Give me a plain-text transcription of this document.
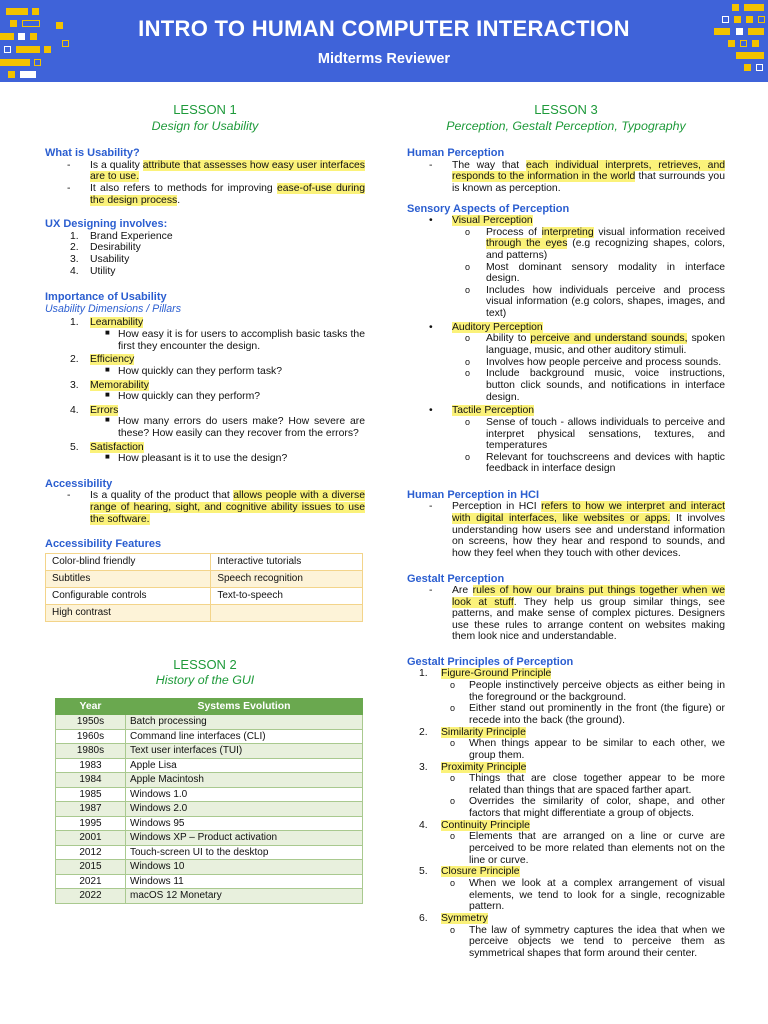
INTRO TO HUMAN COMPUTER INTERACTION
Midterms Reviewer
LESSON 1
Design for Usability
What is Usability?
- Is a quality attribute that assesses how easy user interfaces are to use.
- It also refers to methods for improving ease-of-use during the design process.
UX Designing involves:
1. Brand Experience
2. Desirability
3. Usability
4. Utility
Importance of Usability
Usability Dimensions / Pillars
1. Learnability
■ How easy it is for users to accomplish basic tasks the first they encounter the design.
2. Efficiency
■ How quickly can they perform task?
3. Memorability
■ How quickly can they perform?
4. Errors
■ How many errors do users make? How severe are these? How easily can they recover from the errors?
5. Satisfaction
■ How pleasant is it to use the design?
Accessibility
- Is a quality of the product that allows people with a diverse range of hearing, sight, and cognitive ability issues to use the software.
Accessibility Features
Color-blind friendly	Interactive tutorials
Subtitles	Speech recognition
Configurable controls	Text-to-speech
High contrast	
LESSON 2
History of the GUI
Year	Systems Evolution
1950s	Batch processing
1960s	Command line interfaces (CLI)
1980s	Text user interfaces (TUI)
1983	Apple Lisa
1984	Apple Macintosh
1985	Windows 1.0
1987	Windows 2.0
1995	Windows 95
2001	Windows XP – Product activation
2012	Touch-screen UI to the desktop
2015	Windows 10
2021	Windows 11
2022	macOS 12 Monetary
LESSON 3
Perception, Gestalt Perception, Typography
Human Perception
- The way that each individual interprets, retrieves, and responds to the information in the world that surrounds you is known as perception.
Sensory Aspects of Perception
• Visual Perception
o Process of interpreting visual information received through the eyes (e.g recognizing shapes, colors, and patterns)
o Most dominant sensory modality in interface design.
o Includes how individuals perceive and process visual information (e.g colors, shapes, images, and text)
• Auditory Perception
o Ability to perceive and understand sounds, spoken language, music, and other auditory stimuli.
o Involves how people perceive and process sounds.
o Include background music, voice instructions, button click sounds, and notifications in interface design.
• Tactile Perception
o Sense of touch - allows individuals to perceive and interpret physical sensations, textures, and temperatures
o Relevant for touchscreens and devices with haptic feedback in interface design
Human Perception in HCI
- Perception in HCI refers to how we interpret and interact with digital interfaces, like websites or apps. It involves understanding how users see and understand information on screens, how they hear and respond to sounds, and how they feel when they touch with other devices.
Gestalt Perception
- Are rules of how our brains put things together when we look at stuff. They help us group similar things, see patterns, and make sense of complex pictures. Designers use these rules to arrange content on websites making them look nice and understandable.
Gestalt Principles of Perception
1. Figure-Ground Principle
o People instinctively perceive objects as either being in the foreground or the background.
o Either stand out prominently in the front (the figure) or recede into the back (the ground).
2. Similarity Principle
o When things appear to be similar to each other, we group them.
3. Proximity Principle
o Things that are close together appear to be more related than things that are spaced farther apart.
o Overrides the similarity of color, shape, and other factors that might differentiate a group of objects.
4. Continuity Principle
o Elements that are arranged on a line or curve are perceived to be more related than elements not on the line or curve.
5. Closure Principle
o When we look at a complex arrangement of visual elements, we tend to look for a single, recognizable pattern.
6. Symmetry
o The law of symmetry captures the idea that when we perceive objects we tend to perceive them as symmetrical shapes that form around their center.
